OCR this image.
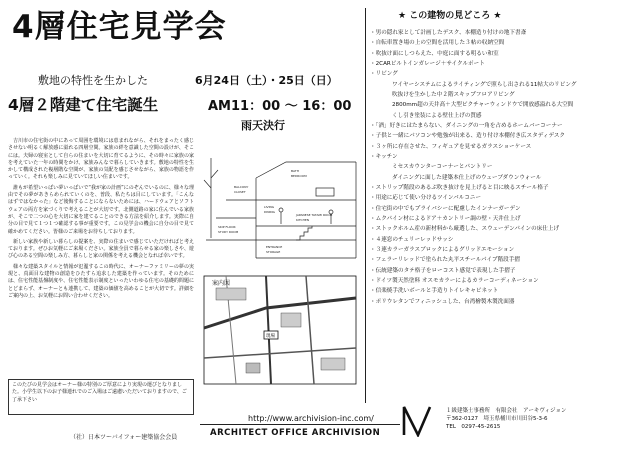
4層住宅見学会
敷地の特性を生かした
4層２階建て住宅誕生
6月24日（土）・25日（日）
AM11：00 〜 16：00
雨天決行

吉川市の住宅街の中にあって周囲を環境には恵まれながら、それをまったく感じさせない明るく解放感に溢れる四層空間。家族の絆を意識した空間の設けが、そこには。夫婦の寝室として自らの住まいを大切に育てるように、その時々に家族の家を考えていた一年の時間をかけ、家族みんなで暮らしていきます。敷地の特性を生かして構成された複層階な空間が、家族の気配を感じさせながら、家族の物語を作っていく。それも楽しみに見ていてほしい住まいです。

誰もが希望いっぱい夢いっぱいで“我が家の計画”にのぞんでいるのに、様々な理由でその夢があきらめられていくのを、普段、私たちは目にしています。「こんなはずではなかった」など後悔することにならないためには、ハードウェアとソフトウェアの両方を家づくりで考えることが大切です。北側道路の家に住んでいる家族が、そこで二つの心を大切に家を建てることのできる方法を紹介します。実際に自分の目で見て１つ１つ確認する事が重要です。この見学会の機会に自分の目で見て確かめてください。皆様のご来場をお待ちしております。

新しい家族や新しい暮らしの提案を、実際の住まいで感じていただければと考えております。ぜひお気軽にご来場ください。家族全員で暮らせる家の楽しさや、遊び心のある空間の楽しみ方、暮らしと家の関係を考える機会となれば幸いです。

様々な建築スタイルと情報が氾濫するこの時代に、オーナーファミリーの夢の実現と、真面目な建物の創造をひたすら追求した建築を作っています。そのためには、住宅性能基盤制度や、住宅性能表示制度といったいわゆる住宅の基礎的問題にとどまらず、オーナーとも連携して、建築の価値を高めることが大切です。詳細をご案内の上、お気軽にお問い合わせください。

このたびの見学会はオーナー様の特別のご厚意により実現の運びとなりました。小学生以下のお子様連れでのご入場はご遠慮いただいておりますので、ご了承下さい
（社）日本ツーバイフォー建築協会会員
BALCONY
CLOSET
BATH
BEDROOM
LIVING
DINING
JAPANESE TATAMI ROOM
KITCHEN
SKIP FLOOR
STUDY ROOM
ENTRANCE
STORAGE
案内図
現場
★ この建物の見どころ ★
・ 男の隠れ家として計画したデスク、本棚造り付けの地下書斎
・ 自転車置き場の上の空間を活用した３帖の収納空間
・ 吹抜け面にしつらえた、中庭に面する明るい和室
・ 2CARビルトインガレージ＋サイクルポート
・ リビング
ワイヤーシステムによるライティングで照らし出される11帖大のリビング
吹抜けを生かした中２階スキップフロアリビング
2800mm超の天井高＋大型ピクチャーウィンドウで開放感溢れる大空間
くし引き塗装による壁仕上げの質感
・ 「酒」好きにはたまらない、ダイニングの一角を占めるホームバーコーナー
・ 子供と一緒にパソコンや勉強が出来る、造り付け本棚付き広スタディデスク
・ ３ヶ所に存在させた、フィギュアを見せるガラスショーケース
・ キッチン
ミセスカウンターコーナーとパントリー
ダイニングに面した建築本仕上げのウェーブダウンウォール
・ ストリップ階段のあるぶ吹き抜けを見上げると目に映るスチール格子
・ 用途に応じて使い分けるツインバルコニー
・ 住宅街の中でもプライバシーに配慮したインナーガーデン
・ ムクパイン材によるドア＋カントリー調の壁・天井仕上げ
・ ストックホルム産の新材料から厳選した、スウェーデンパインの床仕上げ
・ ４連窓のチェリーレッドサッシ
・ ３連カラーガラスブロックによるグリッドエモーション
・ フェラーリレッドで塗られた丸平スチールパイプ階段手摺
・ 伝統建築のタテ格子をローコスト感覚で表現した手摺子
・ ドイツ製天然塗料 オスモカラーによるカラーコーディネーション
・ 信楽焼手洗いボールと手造りトイレキャビネット
・ ポリウレタンでフィニッシュした、台湾檜製木製洗面器
http://www.archivision-inc.com/
ARCHITECT OFFICE ARCHIVISION
１級建築士事務所　有限会社　アーキヴィジョン
〒362-0127　埼玉県桶川市川田谷5-3-6
TEL　0297-45-2615
